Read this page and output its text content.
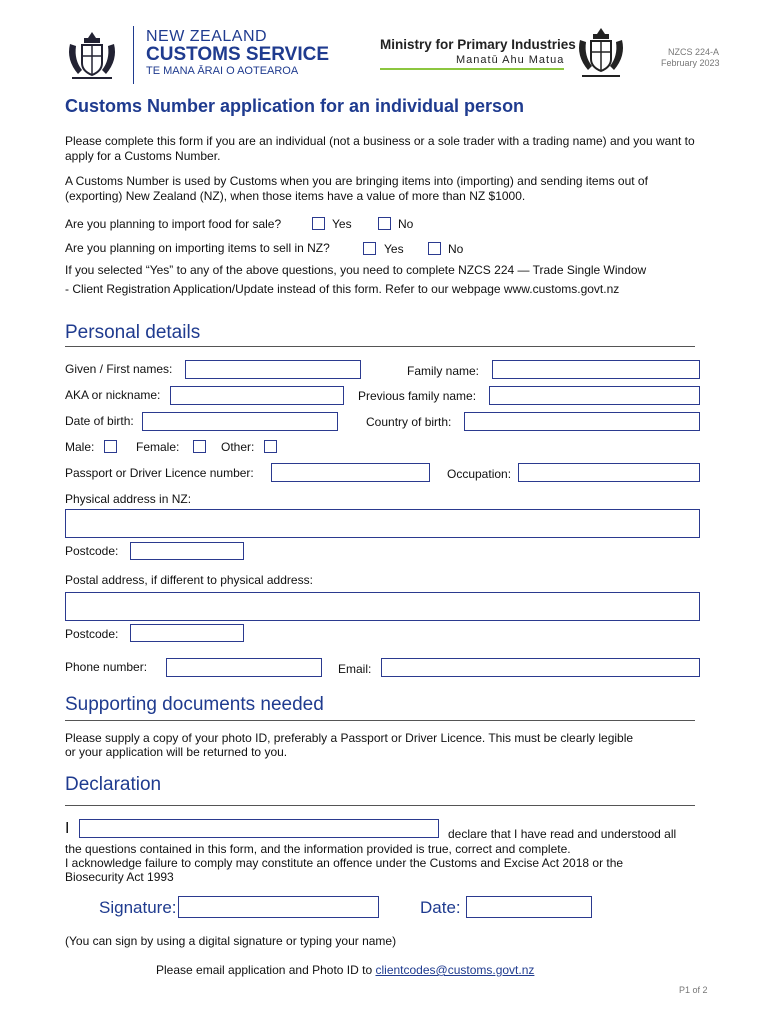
NEW ZEALAND
CUSTOMS SERVICE
TE MANA ĀRAI O AOTEAROA
Ministry for Primary Industries
Manatū Ahu Matua
NZCS 224-A
February 2023
Customs Number application for an individual person
Please complete this form if you are an individual (not a business or a sole trader with a trading name) and you want to apply for a Customs Number.
A Customs Number is used by Customs when you are bringing items into (importing) and sending items out of (exporting) New Zealand (NZ), when those items have a value of more than NZ $1000.
Are you planning to import food for sale?	Yes	No
Are you planning on importing items to sell in NZ?	Yes	No
If you selected “Yes” to any of the above questions, you need to complete NZCS 224 — Trade Single Window
- Client Registration Application/Update instead of this form. Refer to our webpage www.customs.govt.nz
Personal details
Given / First names:	Family name:
AKA or nickname:	Previous family name:
Date of birth:	Country of birth:
Male:	Female:	Other:
Passport or Driver Licence number:	Occupation:
Physical address in NZ:
Postcode:
Postal address, if different to physical address:
Postcode:
Phone number:	Email:
Supporting documents needed
Please supply a copy of your photo ID, preferably a Passport or Driver Licence. This must be clearly legible
or your application will be returned to you.
Declaration
I	declare that I have read and understood all
the questions contained in this form, and the information provided is true, correct and complete.
I acknowledge failure to comply may constitute an offence under the Customs and Excise Act 2018 or the
Biosecurity Act 1993
Signature:	Date:
(You can sign by using a digital signature or typing your name)
Please email application and Photo ID to clientcodes@customs.govt.nz
P1 of 2
